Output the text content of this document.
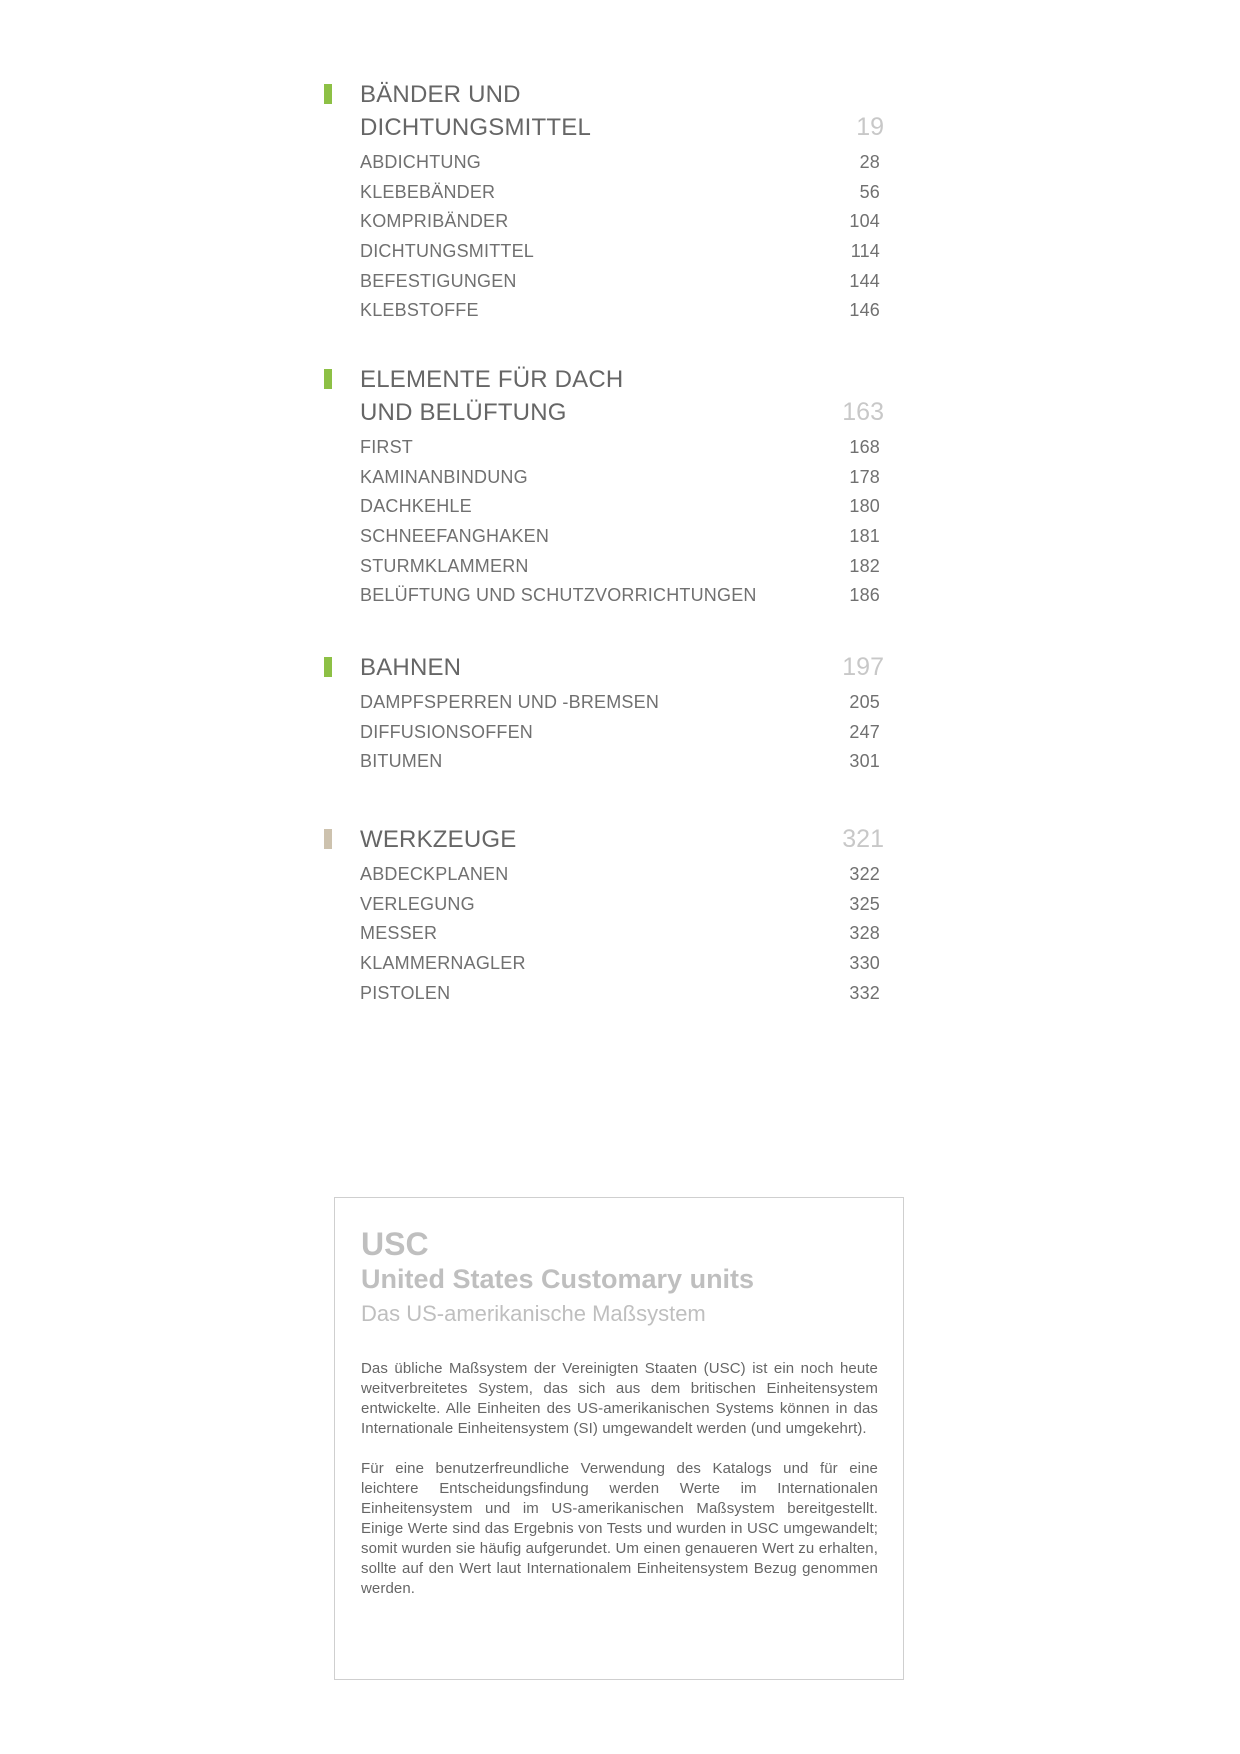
BÄNDER UND DICHTUNGSMITTEL	19
ABDICHTUNG	28
KLEBEBÄNDER	56
KOMPRIBÄNDER	104
DICHTUNGSMITTEL	114
BEFESTIGUNGEN	144
KLEBSTOFFE	146
ELEMENTE FÜR DACH UND BELÜFTUNG	163
FIRST	168
KAMINANBINDUNG	178
DACHKEHLE	180
SCHNEEFANGHAKEN	181
STURMKLAMMERN	182
BELÜFTUNG UND SCHUTZVORRICHTUNGEN	186
BAHNEN	197
DAMPFSPERREN UND -BREMSEN	205
DIFFUSIONSOFFEN	247
BITUMEN	301
WERKZEUGE	321
ABDECKPLANEN	322
VERLEGUNG	325
MESSER	328
KLAMMERNAGLER	330
PISTOLEN	332
USC
United States Customary units
Das US-amerikanische Maßsystem

Das übliche Maßsystem der Vereinigten Staaten (USC) ist ein noch heute weitverbreitetes System, das sich aus dem britischen Einheitensystem entwickelte. Alle Einheiten des US-amerikanischen Systems können in das Internationale Einheitensystem (SI) umgewandelt werden (und umgekehrt).

Für eine benutzerfreundliche Verwendung des Katalogs und für eine leichtere Entscheidungsfindung werden Werte im Internationalen Einheitensystem und im US-amerikanischen Maßsystem bereitgestellt. Einige Werte sind das Ergebnis von Tests und wurden in USC umgewandelt; somit wurden sie häufig aufgerundet. Um einen genaueren Wert zu erhalten, sollte auf den Wert laut Internationalem Einheitensystem Bezug genommen werden.
